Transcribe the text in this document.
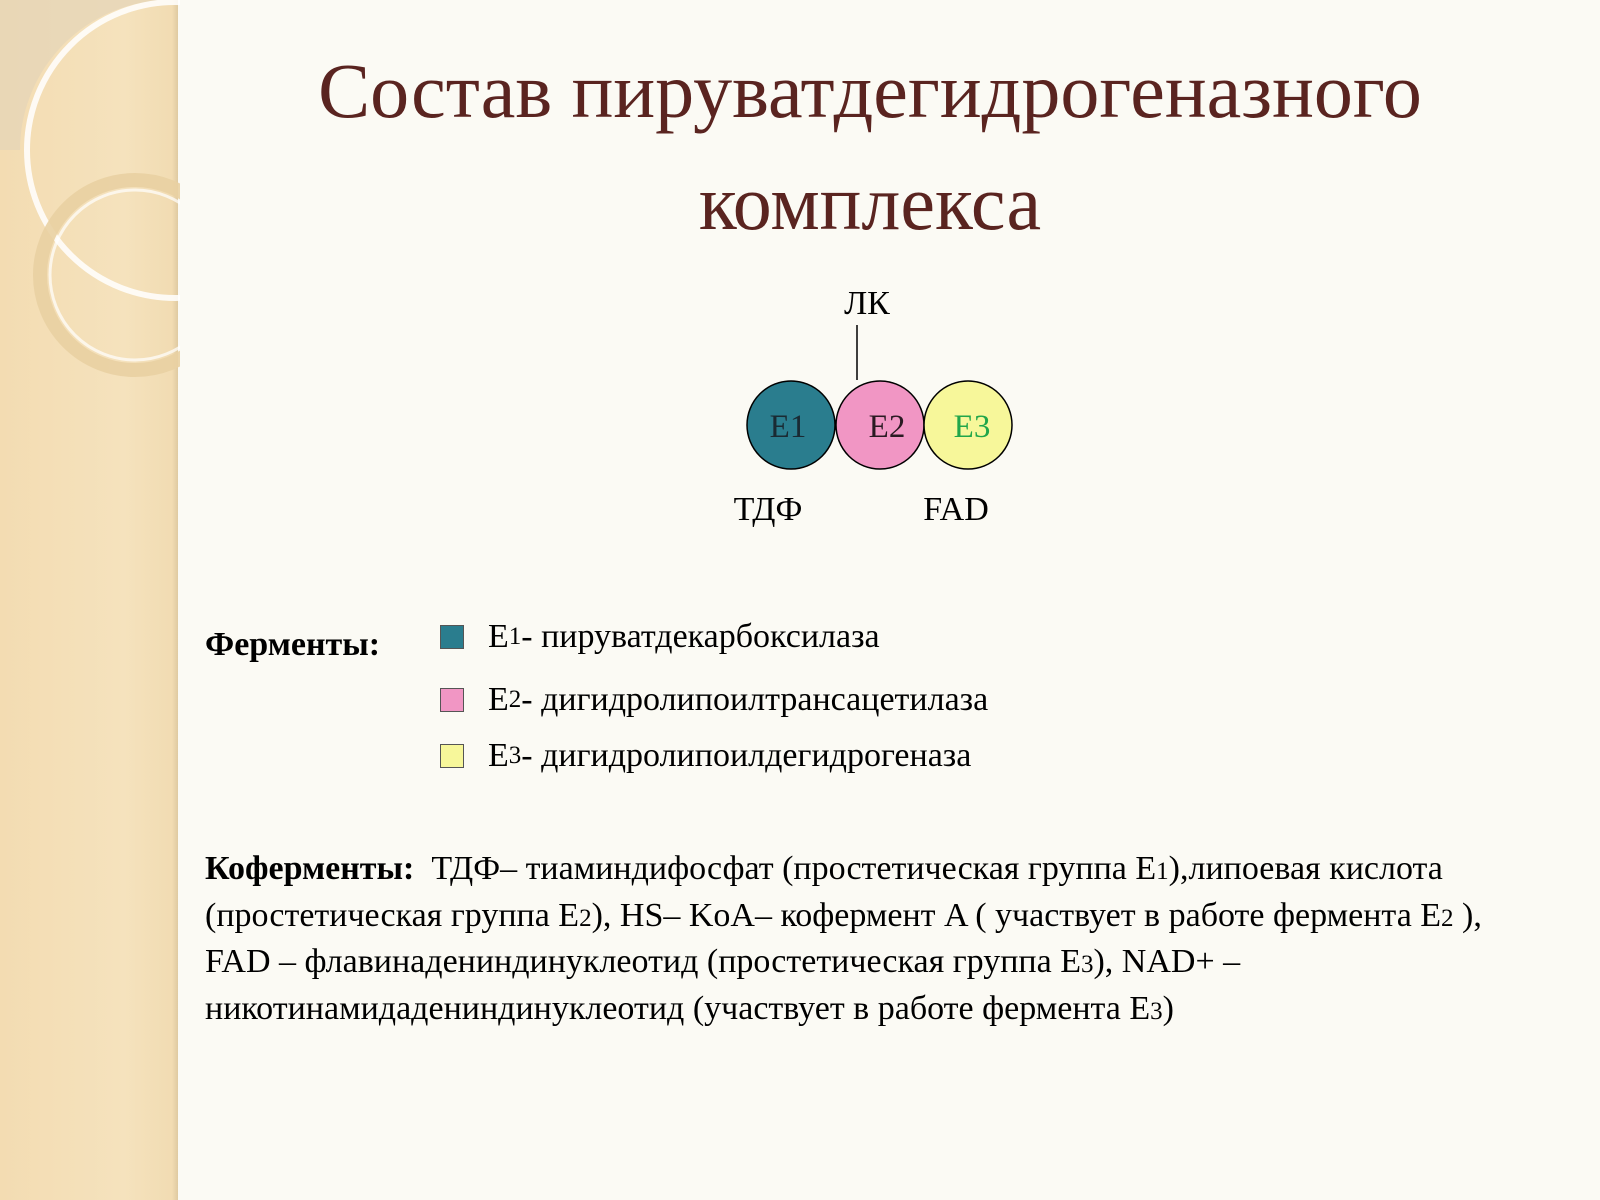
Состав пируватдегидрогеназного
комплекса
ЛК
E1 E2 E3
ТДФ	FAD
Ферменты:	E 1 - пируватдекарбоксилаза
E 2 - дигидролипоилтрансацетилаза
E 3 - дигидролипоилдегидрогеназа
Коферменты: ТДФ– тиаминдифосфат (простетическая группа E1),липоевая кислота (простетическая группа E2), HS– KoA– кофермент A ( участвует в работе фермента E2 ), FAD – флавинадениндинуклеотид (простетическая группа E3), NAD+ –никотинамидадениндинуклеотид (участвует в работе фермента E3)
